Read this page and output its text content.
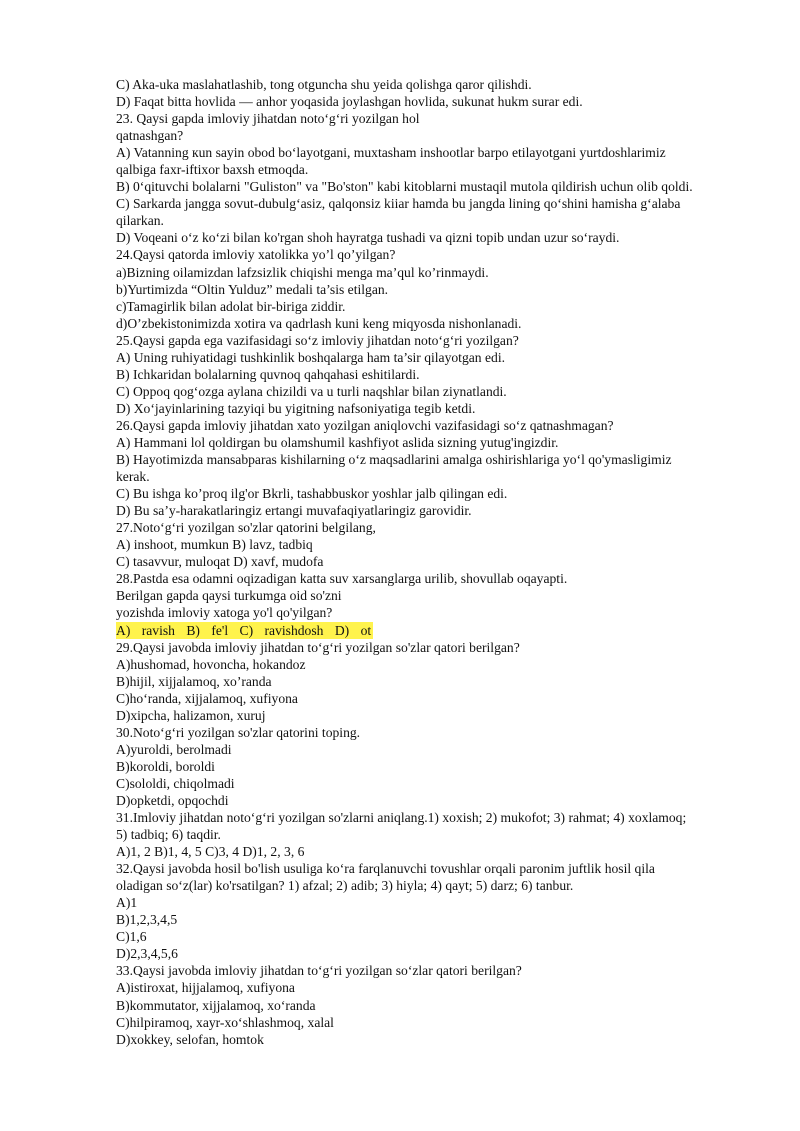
C) Aka-uka maslahatlashib, tong otguncha shu yeida qolishga qaror qilishdi.
D) Faqat bitta hovlida — anhor yoqasida joylashgan hovlida, sukunat hukm surar edi.
23. Qaysi gapda imloviy jihatdan noto‘g‘ri yozilgan hol
qatnashgan?
A) Vatanning кun sayin obod bo‘layotgani, muxtasham inshootlar barpo etilayotgani yurtdoshlarimiz
qalbiga faxr-iftixor baxsh etmoqda.
B) 0‘qituvchi bolalarni "Guliston" va "Bo'ston" kabi kitoblarni mustaqil mutola qildirish uchun olib qoldi.
C) Sarkarda jangga sovut-dubulg‘asiz, qalqonsiz kiiar hamda bu jangda lining qo‘shini hamisha g‘alaba
qilarkan.
D) Voqeani o‘z ko‘zi bilan ko'rgan shoh hayratga tushadi va qizni topib undan uzur so‘raydi.
24.Qaysi qatorda imloviy xatolikka yo’l qo’yilgan?
a)Bizning oilamizdan lafzsizlik chiqishi menga ma’qul ko’rinmaydi.
b)Yurtimizda “Oltin Yulduz” medali ta’sis etilgan.
c)Tamagirlik bilan adolat bir-biriga ziddir.
d)O’zbekistonimizda xotira va qadrlash kuni keng miqyosda nishonlanadi.
25.Qaysi gapda ega vazifasidagi so‘z imloviy jihatdan noto‘g‘ri yozilgan?
A) Uning ruhiyatidagi tushkinlik boshqalarga ham ta’sir qilayotgan edi.
B) Ichkaridan bolalarning quvnoq qahqahasi eshitilardi.
C) Oppoq qog‘ozga aylana chizildi va u turli naqshlar bilan ziynatlandi.
D) Xo‘jayinlarining tazyiqi bu yigitning nafsoniyatiga tegib ketdi.
26.Qaysi gapda imloviy jihatdan xato yozilgan aniqlovchi vazifasidagi so‘z qatnashmagan?
A) Hammani lol qoldirgan bu olamshumil kashfiyot aslida sizning yutug'ingizdir.
B) Hayotimizda mansabparas kishilarning o‘z maqsadlarini amalga oshirishlariga yo‘l qo'ymasligimiz
kerak.
C) Bu ishga ko’proq ilg'or Bkrli, tashabbuskor yoshlar jalb qilingan edi.
D) Bu sa’y-harakatlaringiz ertangi muvafaqiyatlaringiz garovidir.
27.Noto‘g‘ri yozilgan so'zlar qatorini belgilang,
A) inshoot, mumkun B) lavz, tadbiq
C) tasavvur, muloqat D) xavf, mudofa
28.Pastda esa odamni oqizadigan katta suv xarsanglarga urilib, shovullab oqayapti.
Berilgan gapda qaysi turkumga oid so'zni
yozishda imloviy xatoga yo'l qo'yilgan?
A) ravish B) fe'l C) ravishdosh D) ot
29.Qaysi javobda imloviy jihatdan to‘g‘ri yozilgan so'zlar qatori berilgan?
A)hushomad, hovoncha, hokandoz
B)hijil, xijjalamoq, xo’randa
C)ho‘randa, xijjalamoq, xufiyona
D)xipcha, halizamon, xuruj
30.Noto‘g‘ri yozilgan so'zlar qatorini toping.
A)yuroldi, berolmadi
B)koroldi, boroldi
C)sololdi, chiqolmadi
D)opketdi, opqochdi
31.Imloviy jihatdan noto‘g‘ri yozilgan so'zlarni aniqlang.1) xoxish; 2) mukofot; 3) rahmat; 4) xoxlamoq;
5) tadbiq; 6) taqdir.
A)1, 2 B)1, 4, 5 C)3, 4 D)1, 2, 3, 6
32.Qaysi javobda hosil bo'lish usuliga ko‘ra farqlanuvchi tovushlar orqali paronim juftlik hosil qila
oladigan so‘z(lar) ko'rsatilgan? 1) afzal; 2) adib; 3) hiyla; 4) qayt; 5) darz; 6) tanbur.
A)1
B)1,2,3,4,5
C)1,6
D)2,3,4,5,6
33.Qaysi javobda imloviy jihatdan to‘g‘ri yozilgan so‘zlar qatori berilgan?
A)istiroxat, hijjalamoq, xufiyona
B)kommutator, xijjalamoq, xo‘randa
C)hilpiramoq, xayr-xo‘shlashmoq, xalal
D)xokkey, selofan, homtok
